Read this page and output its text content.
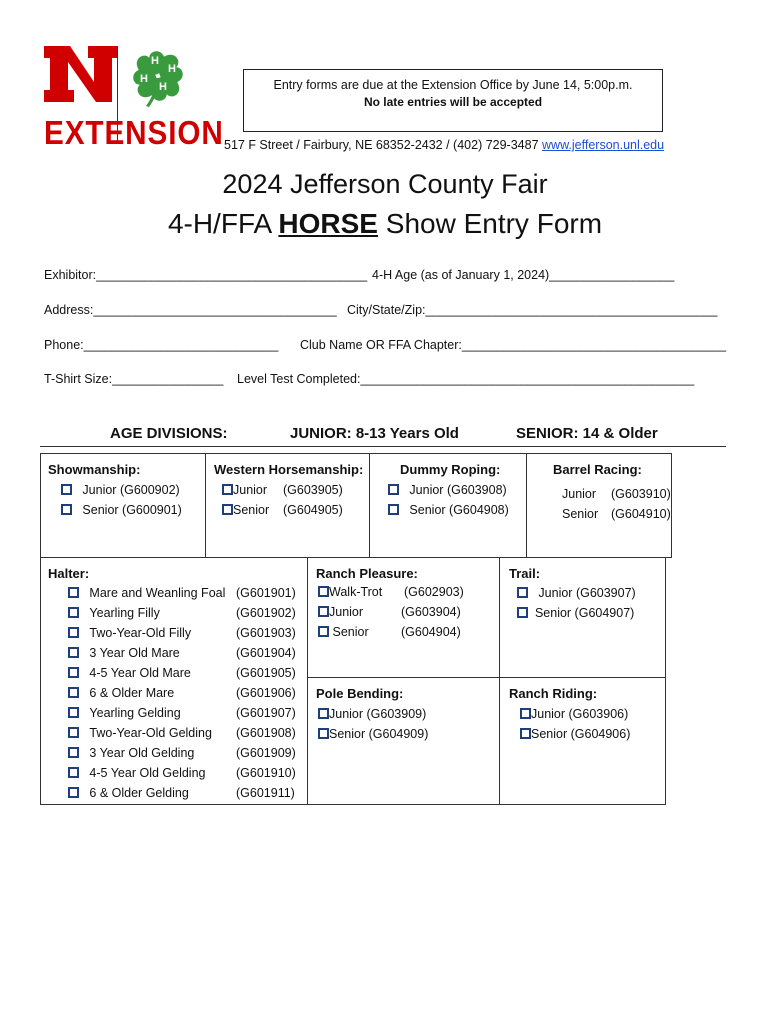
H
H
H
H
EXTENSION
Entry forms are due at the Extension Office by June 14, 5:00p.m.
No late entries will be accepted
517 F Street / Fairbury, NE 68352-2432 / (402) 729-3487 www.jefferson.unl.edu
2024 Jefferson County Fair
4-H/FFA HORSE Show Entry Form
Exhibitor:_______________________________________ 4-H Age (as of January 1, 2024)__________________
Address:___________________________________ City/State/Zip:__________________________________________
Phone:____________________________ Club Name OR FFA Chapter:______________________________________
T-Shirt Size:________________ Level Test Completed:________________________________________________
AGE DIVISIONS:	JUNIOR: 8-13 Years Old	SENIOR: 14 & Older
Showmanship:
Junior (G600902)
Senior (G600901)
Western Horsemanship:
Junior (G603905)
Senior (G604905)
Dummy Roping:
Junior (G603908)
Senior (G604908)
Barrel Racing:
Junior (G603910)
Senior (G604910)
Halter:
Mare and Weanling Foal (G601901)
Yearling Filly	(G601902)
Two-Year-Old Filly	(G601903)
3 Year Old Mare	(G601904)
4-5 Year Old Mare	(G601905)
6 & Older Mare	(G601906)
Yearling Gelding	(G601907)
Two-Year-Old Gelding (G601908)
3 Year Old Gelding	(G601909)
4-5 Year Old Gelding (G601910)
6 & Older Gelding	(G601911)
Ranch Pleasure:
Walk-Trot (G602903)
Junior	(G603904)
Senior	(G604904)
Trail:
Junior (G603907)
Senior (G604907)
Pole Bending:
Junior (G603909)
Senior (G604909)
Ranch Riding:
Junior (G603906)
Senior (G604906)
